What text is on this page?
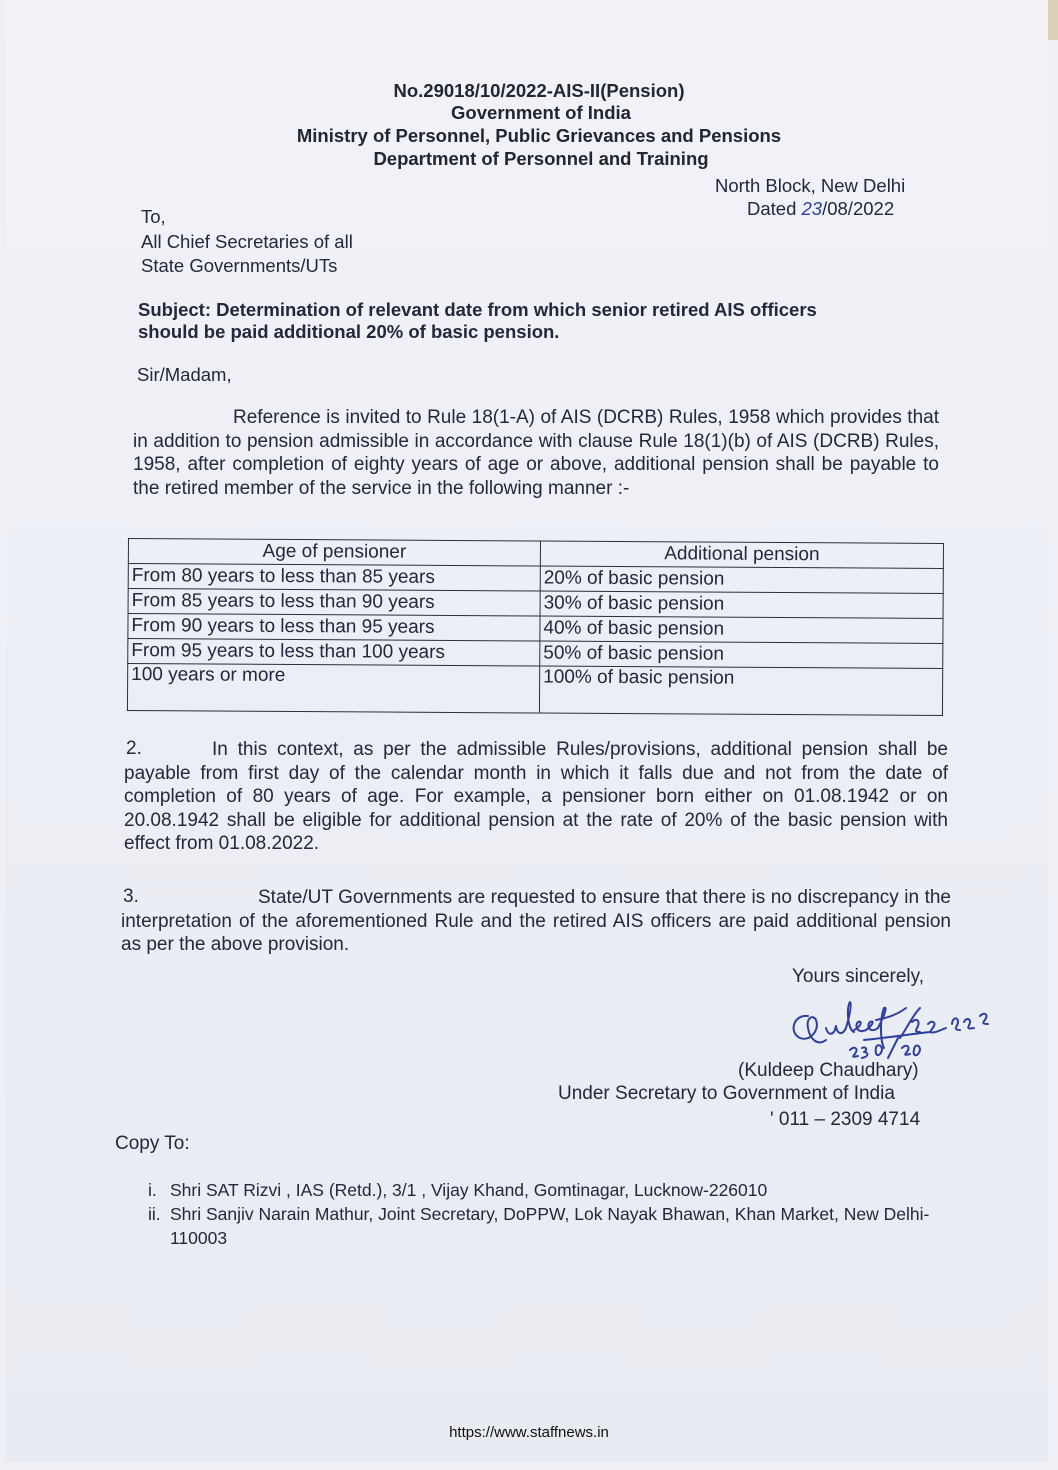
No.29018/10/2022-AIS-II(Pension)
Government of India
Ministry of Personnel, Public Grievances and Pensions
Department of Personnel and Training
North Block, New Delhi
Dated 23/08/2022
To,
All Chief Secretaries of all
State Governments/UTs
Subject: Determination of relevant date from which senior retired AIS officers
should be paid additional 20% of basic pension.
Sir/Madam,
Reference is invited to Rule 18(1-A) of AIS (DCRB) Rules, 1958 which provides that in addition to pension admissible in accordance with clause Rule 18(1)(b) of AIS (DCRB) Rules, 1958, after completion of eighty years of age or above, additional pension shall be payable to the retired member of the service in the following manner :-
Age of pensioner	Additional pension
From 80 years to less than 85 years	20% of basic pension
From 85 years to less than 90 years	30% of basic pension
From 90 years to less than 95 years	40% of basic pension
From 95 years to less than 100 years	50% of basic pension
100 years or more	100% of basic pension
2.	In this context, as per the admissible Rules/provisions, additional pension shall be payable from first day of the calendar month in which it falls due and not from the date of completion of 80 years of age. For example, a pensioner born either on 01.08.1942 or on 20.08.1942 shall be eligible for additional pension at the rate of 20% of the basic pension with effect from 01.08.2022.
3.	State/UT Governments are requested to ensure that there is no discrepancy in the interpretation of the aforementioned Rule and the retired AIS officers are paid additional pension as per the above provision.
Yours sincerely,
(Kuldeep Chaudhary)
Under Secretary to Government of India
' 011 – 2309 4714
Copy To:
i. Shri SAT Rizvi , IAS (Retd.), 3/1 , Vijay Khand, Gomtinagar, Lucknow-226010
ii. Shri Sanjiv Narain Mathur, Joint Secretary, DoPPW, Lok Nayak Bhawan, Khan Market, New Delhi-110003
https://www.staffnews.in
